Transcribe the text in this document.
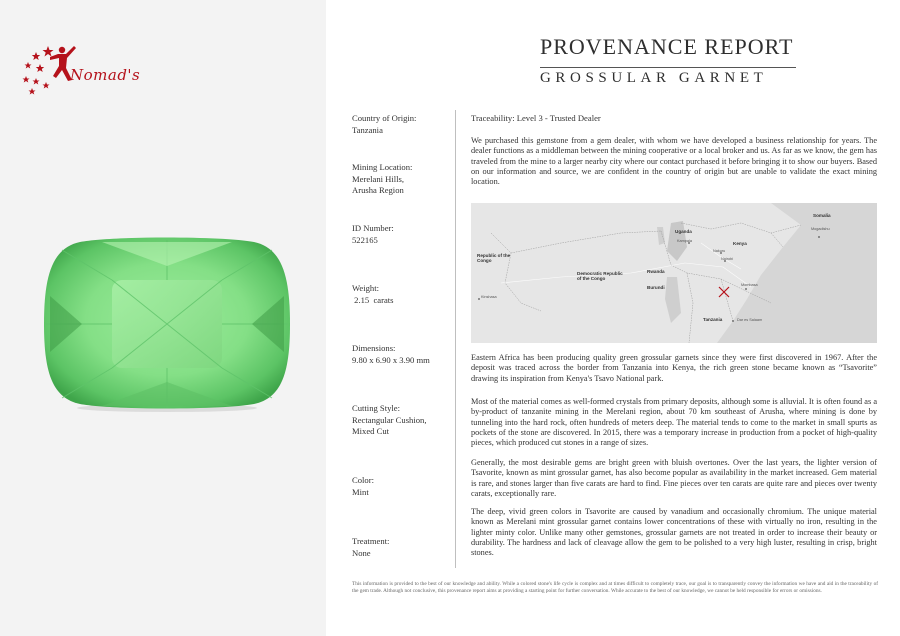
Nomad's
PROVENANCE REPORT
GROSSULAR GARNET
Country of Origin:
Tanzania
Mining Location:
Merelani Hills,
Arusha Region
ID Number:
522165
Weight:
2.15  carats
Dimensions:
9.80 x 6.90 x 3.90 mm
Cutting Style:
Rectangular Cushion,
Mixed Cut
Color:
Mint
Treatment:
None
Traceability: Level 3 - Trusted Dealer
We purchased this gemstone from a gem dealer, with whom we have developed a business relationship for years. The dealer functions as a middleman between the mining cooperative or a local broker and us. As far as we know, the gem has traveled from the mine to a larger nearby city where our contact purchased it before bringing it to show our buyers. Based on our information and source, we are confident in the country of origin but are unable to validate the exact mining location.
Somalia
Mogadishu
Uganda
Kampala	Kenya
Nakuru
Nairobi
Republic of the Congo
Democratic Republic of the Congo
Rwanda
Burundi	Mombasa
Kinshasa
Tanzania	Dar es Salaam
Eastern Africa has been producing quality green grossular garnets since they were first discovered in 1967. After the deposit was traced across the border from Tanzania into Kenya, the rich green stone became known as “Tsavorite” drawing its inspiration from Kenya's Tsavo National park.
Most of the material comes as well-formed crystals from primary deposits, although some is alluvial. It is often found as a by-product of tanzanite mining in the Merelani region, about 70 km southeast of Arusha, where mining is done by tunneling into the hard rock, often hundreds of meters deep. The material tends to come to the market in small spurts as pockets of the stone are discovered. In 2015, there was a temporary increase in production from a pocket of high-quality pieces, which produced cut stones in a range of sizes.
Generally, the most desirable gems are bright green with bluish overtones. Over the last years, the lighter version of Tsavorite, known as mint grossular garnet, has also become popular as availability in the market increased. Gem material is rare, and stones larger than five carats are hard to find. Fine pieces over ten carats are quite rare and pieces over twenty carats, exceptionally rare.
The deep, vivid green colors in Tsavorite are caused by vanadium and occasionally chromium. The unique material known as Merelani mint grossular garnet contains lower concentrations of these with virtually no iron, resulting in the lighter minty color. Unlike many other gemstones, grossular garnets are not treated in order to increase their beauty or durability. The hardness and lack of cleavage allow the gem to be polished to a very high luster, resulting in crisp, bright stones.
This information is provided to the best of our knowledge and ability. While a colored stone's life cycle is complex and at times difficult to completely trace, our goal is to transparently convey the information we have and aid in the traceability of the gem trade. Although not conclusive, this provenance report aims at providing a starting point for further conversation. While accurate to the best of our knowledge, we cannot be held responsible for errors or omissions.
